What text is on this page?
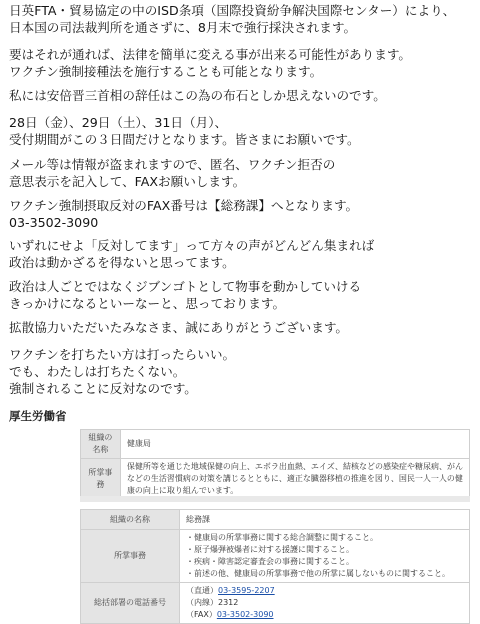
日英FTA・貿易協定の中のISD条項（国際投資紛争解決国際センター）により、
日本国の司法裁判所を通さずに、8月末で強行採決されます。
要はそれが通れば、法律を簡単に変える事が出来る可能性があります。
ワクチン強制接種法を施行することも可能となります。
私には安倍晋三首相の辞任はこの為の布石としか思えないのです。
28日（金）、29日（土）、31日（月）、
受付期間がこの３日間だけとなります。皆さまにお願いです。
メール等は情報が盗まれますので、匿名、ワクチン拒否の
意思表示を記入して、FAXお願いします。
ワクチン強制摂取反対のFAX番号は【総務課】へとなります。
03-3502-3090
いずれにせよ「反対してます」って方々の声がどんどん集まれば
政治は動かざるを得ないと思ってます。
政治は人ごとではなくジブンゴトとして物事を動かしていける
きっかけになるといーなーと、思っております。
拡散協力いただいたみなさま、誠にありがとうございます。
ワクチンを打ちたい方は打ったらいい。
でも、わたしは打ちたくない。
強制されることに反対なのです。
厚生労働省
組織の名称	健康局
所掌事務	保健所等を通じた地域保健の向上、エボラ出血熱、エイズ、結核などの感染症や糖尿病、がん
などの生活習慣病の対策を講じるとともに、適正な臓器移植の推進を図り、国民一人一人の健
康の向上に取り組んでいます。
組織の名称	総務課
所掌事務	・健康局の所掌事務に関する総合調整に関すること。
・原子爆弾被爆者に対する援護に関すること。
・疾病・障害認定審査会の事務に関すること。
・前述の他、健康局の所掌事務で他の所掌に属しないものに関すること。

総括部署の電話番号	（直通）03-3595-2207
（内線）2312
（FAX）03-3502-3090
